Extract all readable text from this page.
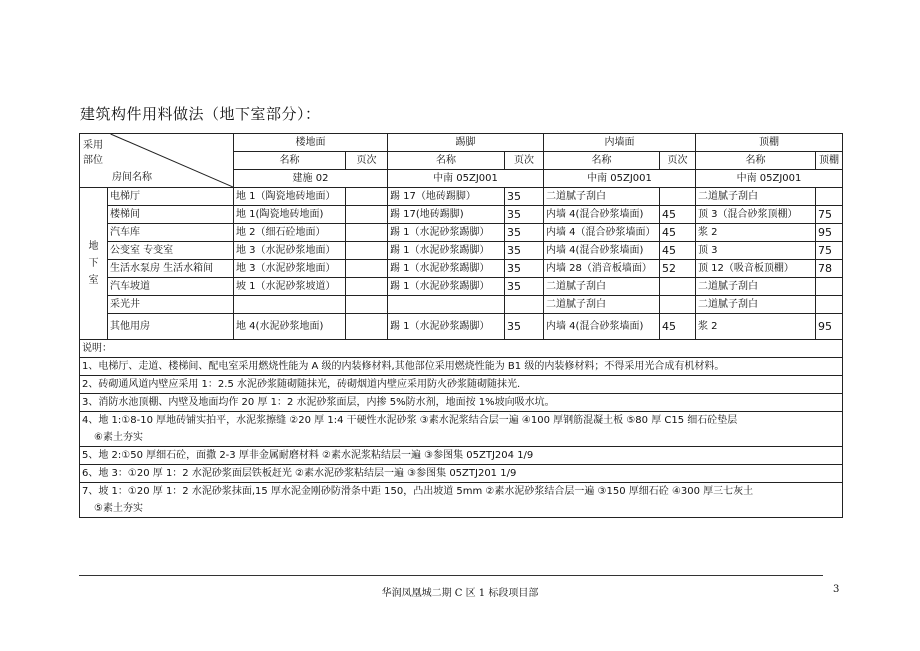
建筑构件用料做法（地下室部分）：
采用部位
房间名称		楼地面		踢脚		内墙面		顶棚	
		名称	页次	名称	页次	名称	页次	名称	顶棚
		建施 02		中南 05ZJ001		中南 05ZJ001		中南 05ZJ001	

地
下
室	电梯厅	地 1（陶瓷地砖地面）		踢 17（地砖踢脚）	35	二道腻子刮白		二道腻子刮白	
	楼梯间	地 1(陶瓷地砖地面)		踢 17(地砖踢脚)	35	内墙 4(混合砂浆墙面)	45	顶 3（混合砂浆顶棚）	75
	汽车库	地 2（细石砼地面）		踢 1（水泥砂浆踢脚）	35	内墙 4（混合砂浆墙面）	45	浆 2	95
	公变室 专变室	地 3（水泥砂浆地面）		踢 1（水泥砂浆踢脚）	35	内墙 4(混合砂浆墙面)	45	顶 3	75
	生活水泵房 生活水箱间	地 3（水泥砂浆地面）		踢 1（水泥砂浆踢脚）	35	内墙 28（消音板墙面）	52	顶 12（吸音板顶棚）	78
	汽车坡道	坡 1（水泥砂浆坡道）		踢 1（水泥砂浆踢脚）	35	二道腻子刮白		二道腻子刮白	
	采光井					二道腻子刮白		二道腻子刮白	
	其他用房	地 4(水泥砂浆地面)		踢 1（水泥砂浆踢脚）	35	内墙 4(混合砂浆墙面)	45	浆 2	95
说明：									
1、电梯厅、走道、楼梯间、配电室采用燃烧性能为 A 级的内装修材料,其他部位采用燃烧性能为 B1 级的内装修材料；不得采用光合成有机材料。									
2、砖砌通风道内壁应采用 1：2.5 水泥砂浆随砌随抹光，砖砌烟道内壁应采用防火砂浆随砌随抹光.									
3、消防水池顶棚、内壁及地面均作 20 厚 1：2 水泥砂浆面层，内掺 5%防水剂，地面按 1%坡向吸水坑。									

4、地 1:①8-10 厚地砖铺实拍平，水泥浆擦缝 ②20 厚 1:4 干硬性水泥砂浆 ③素水泥浆结合层一遍 ④100 厚钢筋混凝土板 ⑤80 厚 C15 细石砼垫层
⑥素土夯实									

5、地 2:①50 厚细石砼，面撒 2-3 厚非金属耐磨材料 ②素水泥浆粘结层一遍 ③参图集 05ZTJ204 1/9									
6、地 3：①20 厚 1：2 水泥砂浆面层铁板赶光 ②素水泥砂浆粘结层一遍 ③参图集 05ZTJ201 1/9									

7、坡 1：①20 厚 1：2 水泥砂浆抹面,15 厚水泥金刚砂防滑条中距 150，凸出坡道 5mm ②素水泥砂浆结合层一遍 ③150 厚细石砼 ④300 厚三七灰土
⑤素土夯实									
华润凤凰城二期 C 区 1 标段项目部	3
